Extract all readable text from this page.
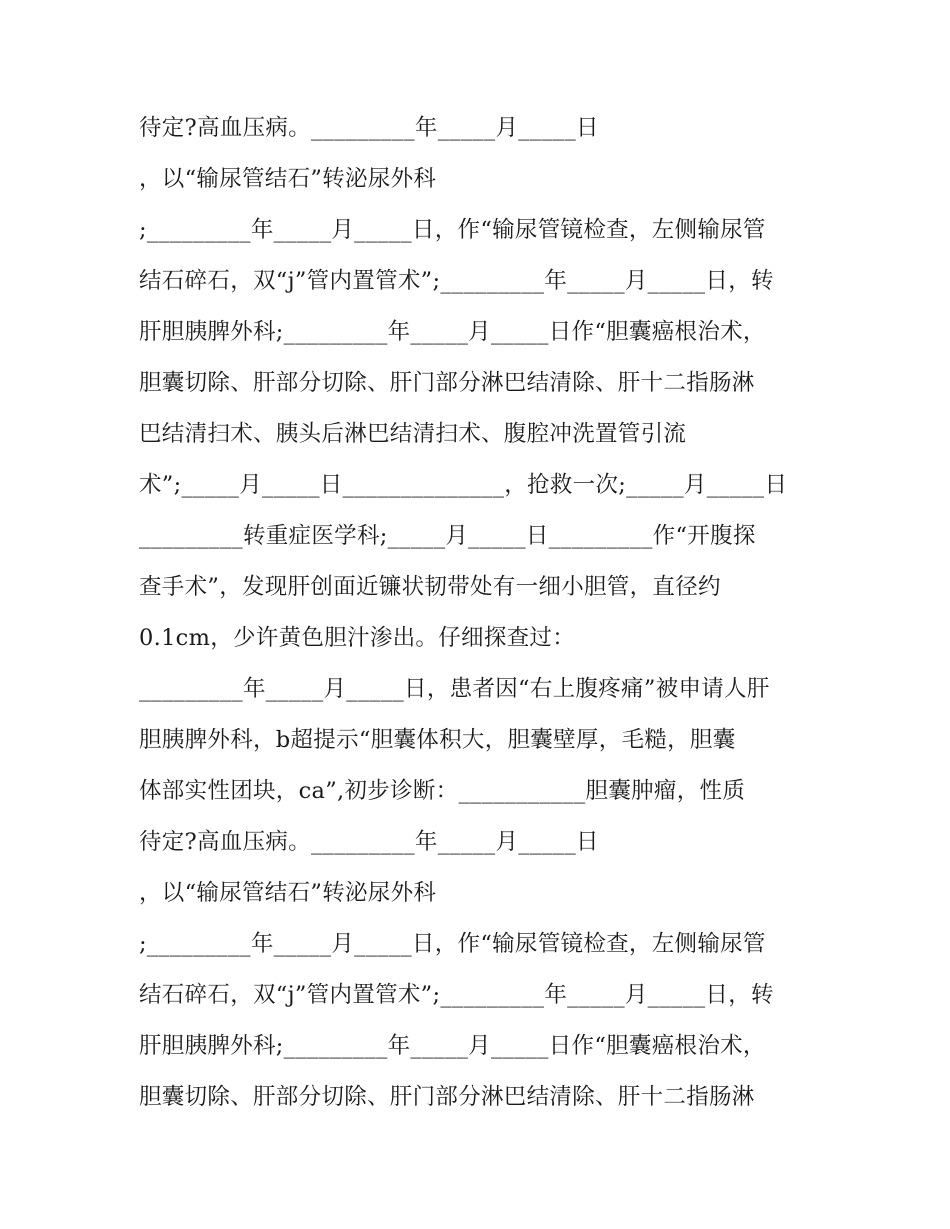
待定?高血压病。_________年_____月_____日
，以“输尿管结石”转泌尿外科
;_________年_____月_____日，作“输尿管镜检查，左侧输尿管
结石碎石，双“j”管内置管术”;_________年_____月_____日，转
肝胆胰脾外科;_________年_____月_____日作“胆囊癌根治术，
胆囊切除、肝部分切除、肝门部分淋巴结清除、肝十二指肠淋
巴结清扫术、胰头后淋巴结清扫术、腹腔冲洗置管引流
术”;_____月_____日______________，抢救一次;_____月_____日
_________转重症医学科;_____月_____日_________作“开腹探
查手术”，发现肝创面近镰状韧带处有一细小胆管，直径约
0.1cm，少许黄色胆汁渗出。仔细探查过：
_________年_____月_____日，患者因“右上腹疼痛”被申请人肝
胆胰脾外科，b超提示“胆囊体积大，胆囊壁厚，毛糙，胆囊
体部实性团块，ca”,初步诊断：___________胆囊肿瘤，性质
待定?高血压病。_________年_____月_____日
，以“输尿管结石”转泌尿外科
;_________年_____月_____日，作“输尿管镜检查，左侧输尿管
结石碎石，双“j”管内置管术”;_________年_____月_____日，转
肝胆胰脾外科;_________年_____月_____日作“胆囊癌根治术，
胆囊切除、肝部分切除、肝门部分淋巴结清除、肝十二指肠淋
